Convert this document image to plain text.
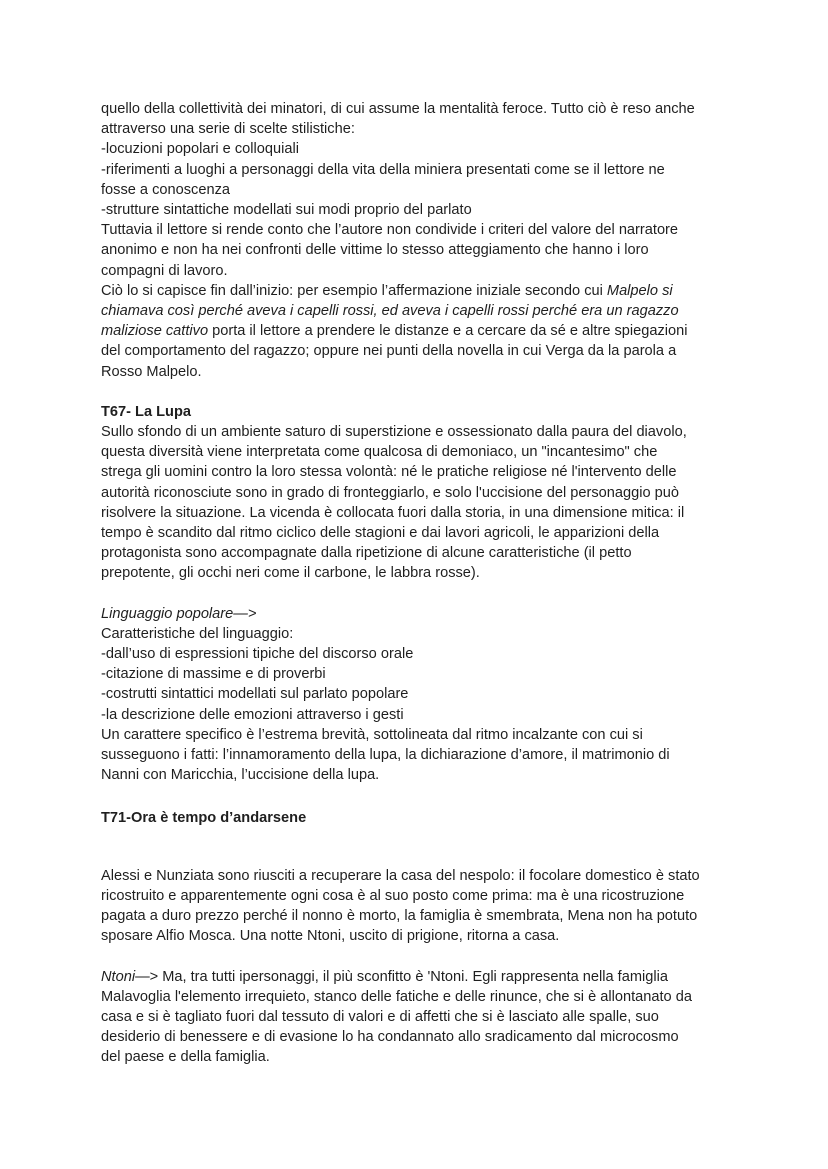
quello della collettività dei minatori, di cui assume la mentalità feroce. Tutto ciò è reso anche
attraverso una serie di scelte stilistiche:
-locuzioni popolari e colloquiali
-riferimenti a luoghi a personaggi della vita della miniera presentati come se il lettore ne
fosse a conoscenza
-strutture sintattiche modellati sui modi proprio del parlato
Tuttavia il lettore si rende conto che l’autore non condivide i criteri del valore del narratore
anonimo e non ha nei confronti delle vittime lo stesso atteggiamento che hanno i loro
compagni di lavoro.
Ciò lo si capisce fin dall’inizio: per esempio l’affermazione iniziale secondo cui Malpelo si
chiamava così perché aveva i capelli rossi, ed aveva i capelli rossi perché era un ragazzo
maliziose cattivo porta il lettore a prendere le distanze e a cercare da sé e altre spiegazioni
del comportamento del ragazzo; oppure nei punti della novella in cui Verga da la parola a
Rosso Malpelo.
T67- La Lupa
Sullo sfondo di un ambiente saturo di superstizione e ossessionato dalla paura del diavolo,
questa diversità viene interpretata come qualcosa di demoniaco, un "incantesimo" che
strega gli uomini contro la loro stessa volontà: né le pratiche religiose né l'intervento delle
autorità riconosciute sono in grado di fronteggiarlo, e solo l'uccisione del personaggio può
risolvere la situazione. La vicenda è collocata fuori dalla storia, in una dimensione mitica: il
tempo è scandito dal ritmo ciclico delle stagioni e dai lavori agricoli, le apparizioni della
protagonista sono accompagnate dalla ripetizione di alcune caratteristiche (il petto
prepotente, gli occhi neri come il carbone, le labbra rosse).
Linguaggio popolare—>
Caratteristiche del linguaggio:
-dall’uso di espressioni tipiche del discorso orale
-citazione di massime e di proverbi
-costrutti sintattici modellati sul parlato popolare
-la descrizione delle emozioni attraverso i gesti
Un carattere specifico è l’estrema brevità, sottolineata dal ritmo incalzante con cui si
susseguono i fatti: l’innamoramento della lupa, la dichiarazione d’amore, il matrimonio di
Nanni con Maricchia, l’uccisione della lupa.
T71-Ora è tempo d’andarsene
Alessi e Nunziata sono riusciti a recuperare la casa del nespolo: il focolare domestico è stato
ricostruito e apparentemente ogni cosa è al suo posto come prima: ma è una ricostruzione
pagata a duro prezzo perché il nonno è morto, la famiglia è smembrata, Mena non ha potuto
sposare Alfio Mosca. Una notte Ntoni, uscito di prigione, ritorna a casa.
Ntoni—> Ma, tra tutti ipersonaggi, il più sconfitto è 'Ntoni. Egli rappresenta nella famiglia
Malavoglia l'elemento irrequieto, stanco delle fatiche e delle rinunce, che si è allontanato da
casa e si è tagliato fuori dal tessuto di valori e di affetti che si è lasciato alle spalle, suo
desiderio di benessere e di evasione lo ha condannato allo sradicamento dal microcosmo
del paese e della famiglia.
